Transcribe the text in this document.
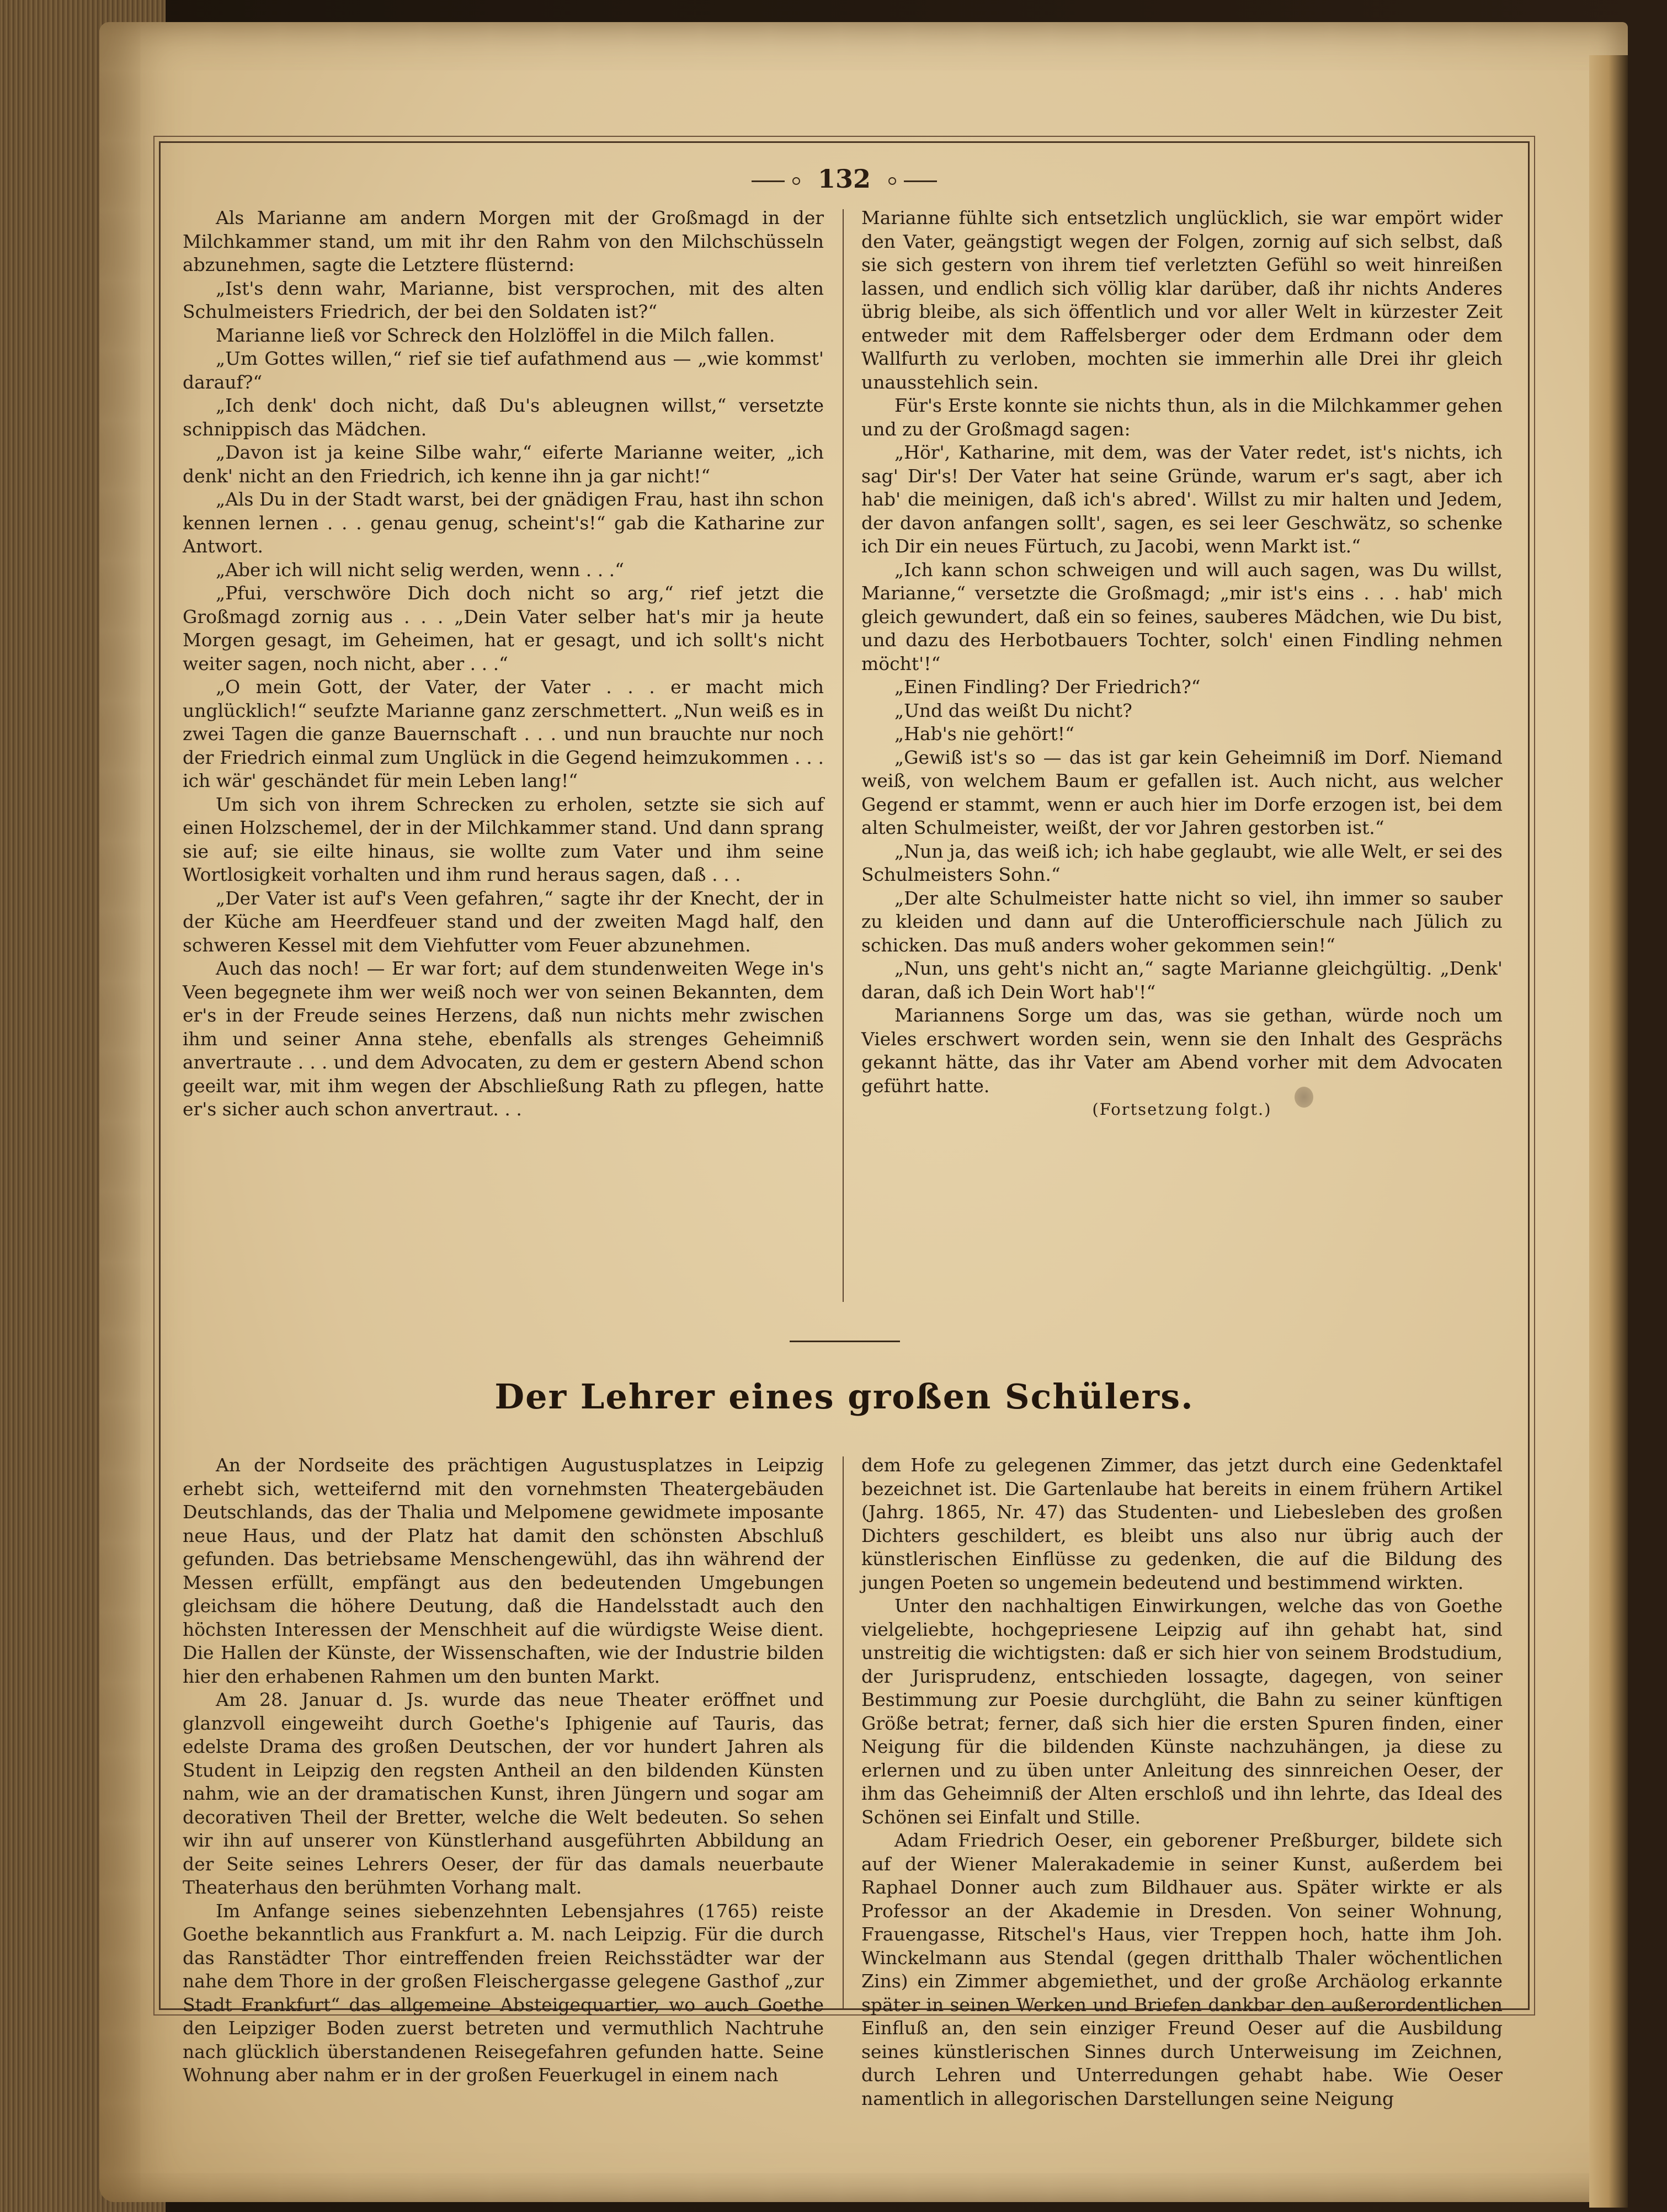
132

Als Marianne am andern Morgen mit der Großmagd in der Milchkammer stand, um mit ihr den Rahm von den Milchschüsseln abzunehmen, sagte die Letztere flüsternd:

„Ist's denn wahr, Marianne, bist versprochen, mit des alten Schulmeisters Friedrich, der bei den Soldaten ist?“

Marianne ließ vor Schreck den Holzlöffel in die Milch fallen.

„Um Gottes willen,“ rief sie tief aufathmend aus — „wie kommst' darauf?“

„Ich denk' doch nicht, daß Du's ableugnen willst,“ versetzte schnippisch das Mädchen.

„Davon ist ja keine Silbe wahr,“ eiferte Marianne weiter, „ich denk' nicht an den Friedrich, ich kenne ihn ja gar nicht!“

„Als Du in der Stadt warst, bei der gnädigen Frau, hast ihn schon kennen lernen . . . genau genug, scheint's!“ gab die Katharine zur Antwort.

„Aber ich will nicht selig werden, wenn . . .“

„Pfui, verschwöre Dich doch nicht so arg,“ rief jetzt die Großmagd zornig aus . . . „Dein Vater selber hat's mir ja heute Morgen gesagt, im Geheimen, hat er gesagt, und ich sollt's nicht weiter sagen, noch nicht, aber . . .“

„O mein Gott, der Vater, der Vater . . . er macht mich unglücklich!“ seufzte Marianne ganz zerschmettert. „Nun weiß es in zwei Tagen die ganze Bauernschaft . . . und nun brauchte nur noch der Friedrich einmal zum Unglück in die Gegend heimzukommen . . . ich wär' geschändet für mein Leben lang!“

Um sich von ihrem Schrecken zu erholen, setzte sie sich auf einen Holzschemel, der in der Milchkammer stand. Und dann sprang sie auf; sie eilte hinaus, sie wollte zum Vater und ihm seine Wortlosigkeit vorhalten und ihm rund heraus sagen, daß . . .

„Der Vater ist auf's Veen gefahren,“ sagte ihr der Knecht, der in der Küche am Heerdfeuer stand und der zweiten Magd half, den schweren Kessel mit dem Viehfutter vom Feuer abzunehmen.

Auch das noch! — Er war fort; auf dem stundenweiten Wege in's Veen begegnete ihm wer weiß noch wer von seinen Bekannten, dem er's in der Freude seines Herzens, daß nun nichts mehr zwischen ihm und seiner Anna stehe, ebenfalls als strenges Geheimniß anvertraute . . . und dem Advocaten, zu dem er gestern Abend schon geeilt war, mit ihm wegen der Abschließung Rath zu pflegen, hatte er's sicher auch schon anvertraut. . .

Marianne fühlte sich entsetzlich unglücklich, sie war empört wider den Vater, geängstigt wegen der Folgen, zornig auf sich selbst, daß sie sich gestern von ihrem tief verletzten Gefühl so weit hinreißen lassen, und endlich sich völlig klar darüber, daß ihr nichts Anderes übrig bleibe, als sich öffentlich und vor aller Welt in kürzester Zeit entweder mit dem Raffelsberger oder dem Erdmann oder dem Wallfurth zu verloben, mochten sie immerhin alle Drei ihr gleich unausstehlich sein.

Für's Erste konnte sie nichts thun, als in die Milchkammer gehen und zu der Großmagd sagen:

„Hör', Katharine, mit dem, was der Vater redet, ist's nichts, ich sag' Dir's! Der Vater hat seine Gründe, warum er's sagt, aber ich hab' die meinigen, daß ich's abred'. Willst zu mir halten und Jedem, der davon anfangen sollt', sagen, es sei leer Geschwätz, so schenke ich Dir ein neues Fürtuch, zu Jacobi, wenn Markt ist.“

„Ich kann schon schweigen und will auch sagen, was Du willst, Marianne,“ versetzte die Großmagd; „mir ist's eins . . . hab' mich gleich gewundert, daß ein so feines, sauberes Mädchen, wie Du bist, und dazu des Herbotbauers Tochter, solch' einen Findling nehmen möcht'!“

„Einen Findling? Der Friedrich?“

„Und das weißt Du nicht?

„Hab's nie gehört!“

„Gewiß ist's so — das ist gar kein Geheimniß im Dorf. Niemand weiß, von welchem Baum er gefallen ist. Auch nicht, aus welcher Gegend er stammt, wenn er auch hier im Dorfe erzogen ist, bei dem alten Schulmeister, weißt, der vor Jahren gestorben ist.“

„Nun ja, das weiß ich; ich habe geglaubt, wie alle Welt, er sei des Schulmeisters Sohn.“

„Der alte Schulmeister hatte nicht so viel, ihn immer so sauber zu kleiden und dann auf die Unterofficierschule nach Jülich zu schicken. Das muß anders woher gekommen sein!“

„Nun, uns geht's nicht an,“ sagte Marianne gleichgültig. „Denk' daran, daß ich Dein Wort hab'!“

Mariannens Sorge um das, was sie gethan, würde noch um Vieles erschwert worden sein, wenn sie den Inhalt des Gesprächs gekannt hätte, das ihr Vater am Abend vorher mit dem Advocaten geführt hatte.

(Fortsetzung folgt.)

Der Lehrer eines großen Schülers.

An der Nordseite des prächtigen Augustusplatzes in Leipzig erhebt sich, wetteifernd mit den vornehmsten Theatergebäuden Deutschlands, das der Thalia und Melpomene gewidmete imposante neue Haus, und der Platz hat damit den schönsten Abschluß gefunden. Das betriebsame Menschengewühl, das ihn während der Messen erfüllt, empfängt aus den bedeutenden Umgebungen gleichsam die höhere Deutung, daß die Handelsstadt auch den höchsten Interessen der Menschheit auf die würdigste Weise dient. Die Hallen der Künste, der Wissenschaften, wie der Industrie bilden hier den erhabenen Rahmen um den bunten Markt.

Am 28. Januar d. Js. wurde das neue Theater eröffnet und glanzvoll eingeweiht durch Goethe's Iphigenie auf Tauris, das edelste Drama des großen Deutschen, der vor hundert Jahren als Student in Leipzig den regsten Antheil an den bildenden Künsten nahm, wie an der dramatischen Kunst, ihren Jüngern und sogar am decorativen Theil der Bretter, welche die Welt bedeuten. So sehen wir ihn auf unserer von Künstlerhand ausgeführten Abbildung an der Seite seines Lehrers Oeser, der für das damals neuerbaute Theaterhaus den berühmten Vorhang malt.

Im Anfange seines siebenzehnten Lebensjahres (1765) reiste Goethe bekanntlich aus Frankfurt a. M. nach Leipzig. Für die durch das Ranstädter Thor eintreffenden freien Reichsstädter war der nahe dem Thore in der großen Fleischergasse gelegene Gasthof „zur Stadt Frankfurt“ das allgemeine Absteigequartier, wo auch Goethe den Leipziger Boden zuerst betreten und vermuthlich Nachtruhe nach glücklich überstandenen Reisegefahren gefunden hatte. Seine Wohnung aber nahm er in der großen Feuerkugel in einem nach

dem Hofe zu gelegenen Zimmer, das jetzt durch eine Gedenktafel bezeichnet ist. Die Gartenlaube hat bereits in einem frühern Artikel (Jahrg. 1865, Nr. 47) das Studenten- und Liebesleben des großen Dichters geschildert, es bleibt uns also nur übrig auch der künstlerischen Einflüsse zu gedenken, die auf die Bildung des jungen Poeten so ungemein bedeutend und bestimmend wirkten.

Unter den nachhaltigen Einwirkungen, welche das von Goethe vielgeliebte, hochgepriesene Leipzig auf ihn gehabt hat, sind unstreitig die wichtigsten: daß er sich hier von seinem Brodstudium, der Jurisprudenz, entschieden lossagte, dagegen, von seiner Bestimmung zur Poesie durchglüht, die Bahn zu seiner künftigen Größe betrat; ferner, daß sich hier die ersten Spuren finden, einer Neigung für die bildenden Künste nachzuhängen, ja diese zu erlernen und zu üben unter Anleitung des sinnreichen Oeser, der ihm das Geheimniß der Alten erschloß und ihn lehrte, das Ideal des Schönen sei Einfalt und Stille.

Adam Friedrich Oeser, ein geborener Preßburger, bildete sich auf der Wiener Malerakademie in seiner Kunst, außerdem bei Raphael Donner auch zum Bildhauer aus. Später wirkte er als Professor an der Akademie in Dresden. Von seiner Wohnung, Frauengasse, Ritschel's Haus, vier Treppen hoch, hatte ihm Joh. Winckelmann aus Stendal (gegen dritthalb Thaler wöchentlichen Zins) ein Zimmer abgemiethet, und der große Archäolog erkannte später in seinen Werken und Briefen dankbar den außerordentlichen Einfluß an, den sein einziger Freund Oeser auf die Ausbildung seines künstlerischen Sinnes durch Unterweisung im Zeichnen, durch Lehren und Unterredungen gehabt habe. Wie Oeser namentlich in allegorischen Darstellungen seine Neigung
